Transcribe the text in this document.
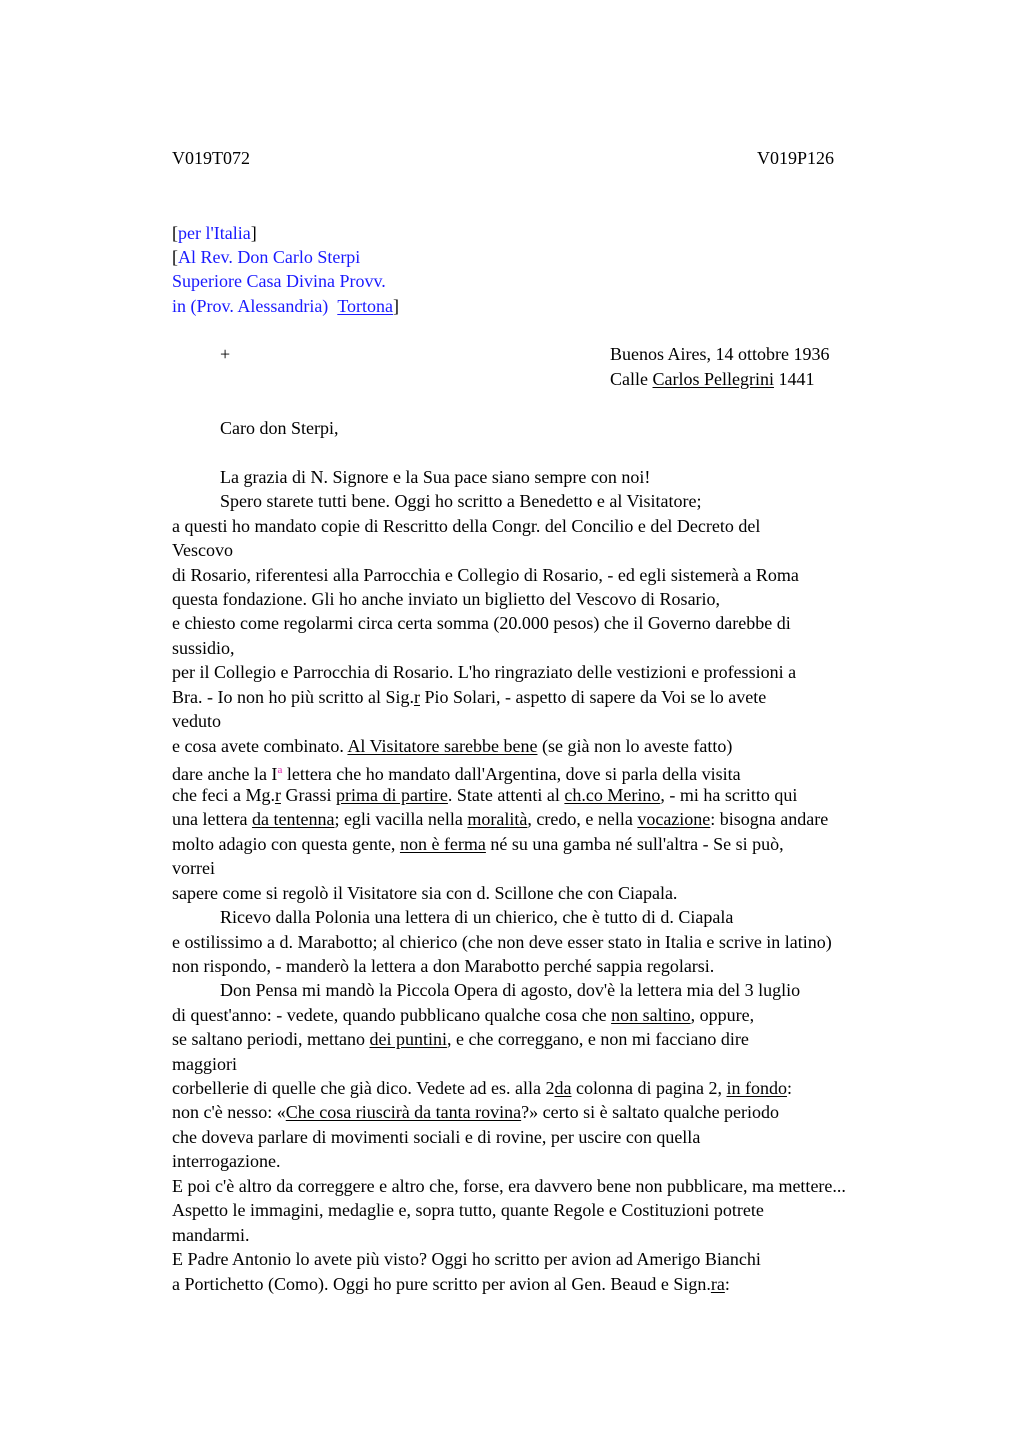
V019T072	V019P126
[per l'Italia]
[Al Rev. Don Carlo Sterpi
Superiore Casa Divina Provv.
in (Prov. Alessandria) Tortona]
+	Buenos Aires, 14 ottobre 1936
Calle Carlos Pellegrini 1441
Caro don Sterpi,
La grazia di N. Signore e la Sua pace siano sempre con noi!
Spero starete tutti bene. Oggi ho scritto a Benedetto e al Visitatore;
a questi ho mandato copie di Rescritto della Congr. del Concilio e del Decreto del
Vescovo
di Rosario, riferentesi alla Parrocchia e Collegio di Rosario, - ed egli sistemerà a Roma
questa fondazione. Gli ho anche inviato un biglietto del Vescovo di Rosario,
e chiesto come regolarmi circa certa somma (20.000 pesos) che il Governo darebbe di
sussidio,
per il Collegio e Parrocchia di Rosario. L'ho ringraziato delle vestizioni e professioni a
Bra. - Io non ho più scritto al Sig.r Pio Solari, - aspetto di sapere da Voi se lo avete
veduto
e cosa avete combinato. Al Visitatore sarebbe bene (se già non lo aveste fatto)
dare anche la $I^a$ lettera che ho mandato dall'Argentina, dove si parla della visita
che feci a Mg.r Grassi prima di partire. State attenti al ch.co Merino, - mi ha scritto qui
una lettera da tentenna; egli vacilla nella moralità, credo, e nella vocazione: bisogna andare
molto adagio con questa gente, non è ferma né su una gamba né sull'altra - Se si può,
vorrei
sapere come si regolò il Visitatore sia con d. Scillone che con Ciapala.
Ricevo dalla Polonia una lettera di un chierico, che è tutto di d. Ciapala
e ostilissimo a d. Marabotto; al chierico (che non deve esser stato in Italia e scrive in latino)
non rispondo, - manderò la lettera a don Marabotto perché sappia regolarsi.
Don Pensa mi mandò la Piccola Opera di agosto, dov'è la lettera mia del 3 luglio
di quest'anno: - vedete, quando pubblicano qualche cosa che non saltino, oppure,
se saltano periodi, mettano dei puntini, e che correggano, e non mi facciano dire
maggiori
corbellerie di quelle che già dico. Vedete ad es. alla 2da colonna di pagina 2, in fondo:
non c'è nesso: «Che cosa riuscirà da tanta rovina?» certo si è saltato qualche periodo
che doveva parlare di movimenti sociali e di rovine, per uscire con quella
interrogazione.
E poi c'è altro da correggere e altro che, forse, era davvero bene non pubblicare, ma mettere...
Aspetto le immagini, medaglie e, sopra tutto, quante Regole e Costituzioni potrete
mandarmi.
E Padre Antonio lo avete più visto? Oggi ho scritto per avion ad Amerigo Bianchi
a Portichetto (Como). Oggi ho pure scritto per avion al Gen. Beaud e Sign.ra:
